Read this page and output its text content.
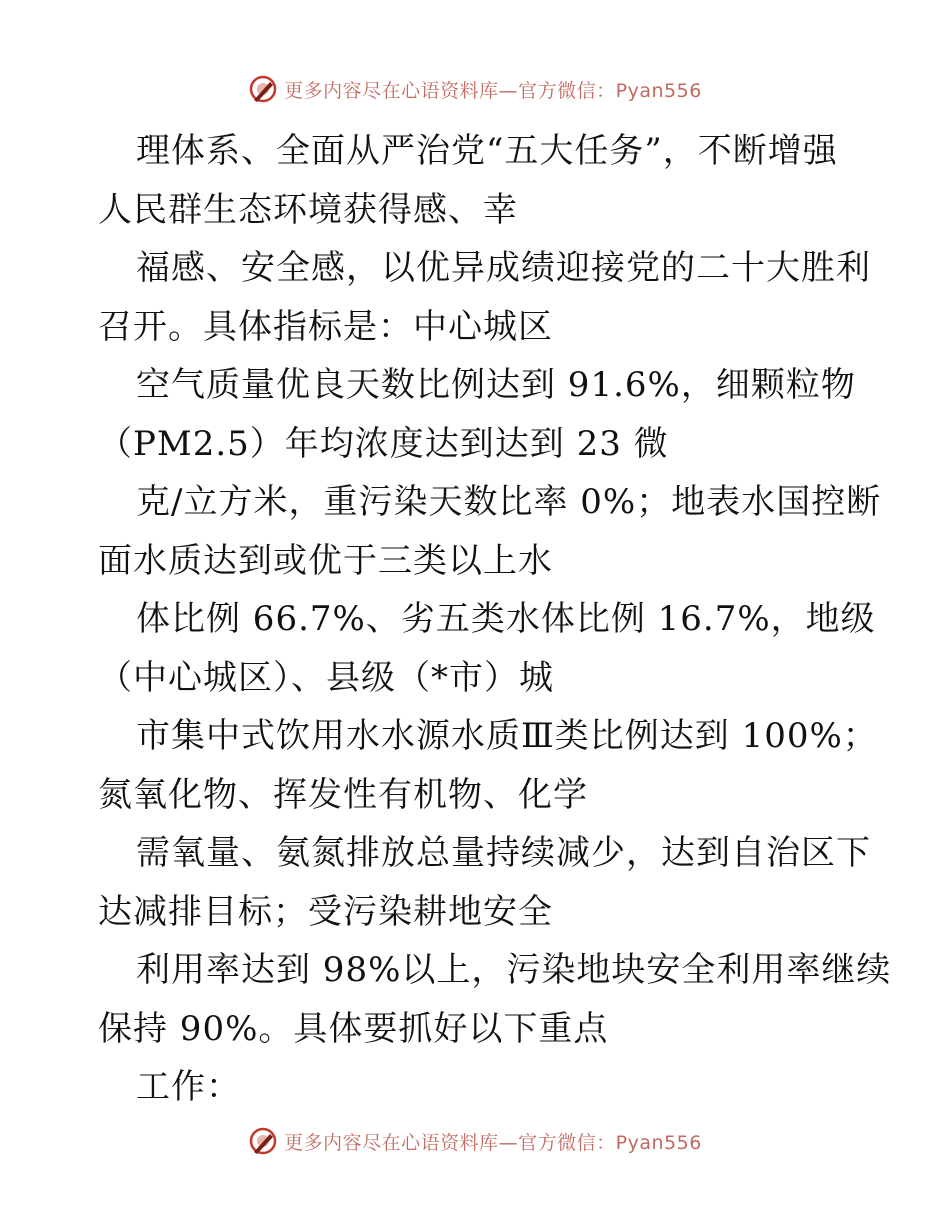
更多内容尽在心语资料库—官方微信：Pyan556
理体系、全面从严治党“五大任务”，不断增强
人民群生态环境获得感、幸
福感、安全感，以优异成绩迎接党的二十大胜利
召开。具体指标是：中心城区
空气质量优良天数比例达到 91.6%，细颗粒物
（PM2.5）年均浓度达到达到 23 微
克/立方米，重污染天数比率 0%；地表水国控断
面水质达到或优于三类以上水
体比例 66.7%、劣五类水体比例 16.7%，地级
（中心城区）、县级（*市）城
市集中式饮用水水源水质Ⅲ类比例达到 100%；
氮氧化物、挥发性有机物、化学
需氧量、氨氮排放总量持续减少，达到自治区下
达减排目标；受污染耕地安全
利用率达到 98%以上，污染地块安全利用率继续
保持 90%。具体要抓好以下重点
工作：
更多内容尽在心语资料库—官方微信：Pyan556
